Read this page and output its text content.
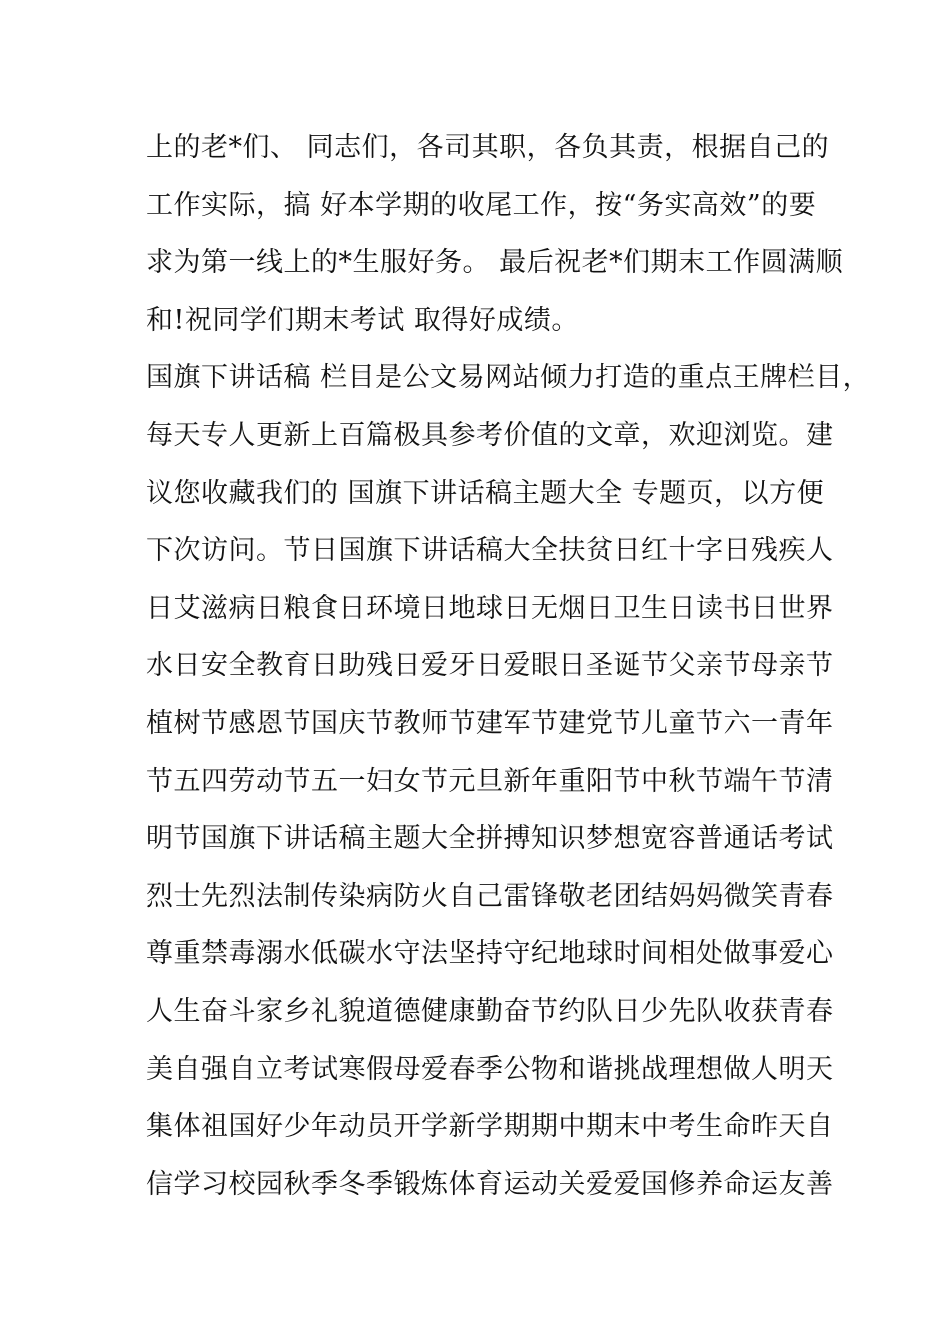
上的老*们、 同志们，各司其职，各负其责，根据自己的
工作实际，搞 好本学期的收尾工作，按“务实高效”的要
求为第一线上的*生服好务。 最后祝老*们期末工作圆满顺
和!祝同学们期末考试 取得好成绩。
国旗下讲话稿 栏目是公文易网站倾力打造的重点王牌栏目，
每天专人更新上百篇极具参考价值的文章，欢迎浏览。建
议您收藏我们的 国旗下讲话稿主题大全 专题页，以方便
下次访问。节日国旗下讲话稿大全扶贫日红十字日残疾人
日艾滋病日粮食日环境日地球日无烟日卫生日读书日世界
水日安全教育日助残日爱牙日爱眼日圣诞节父亲节母亲节
植树节感恩节国庆节教师节建军节建党节儿童节六一青年
节五四劳动节五一妇女节元旦新年重阳节中秋节端午节清
明节国旗下讲话稿主题大全拼搏知识梦想宽容普通话考试
烈士先烈法制传染病防火自己雷锋敬老团结妈妈微笑青春
尊重禁毒溺水低碳水守法坚持守纪地球时间相处做事爱心
人生奋斗家乡礼貌道德健康勤奋节约队日少先队收获青春
美自强自立考试寒假母爱春季公物和谐挑战理想做人明天
集体祖国好少年动员开学新学期期中期末中考生命昨天自
信学习校园秋季冬季锻炼体育运动关爱爱国修养命运友善
